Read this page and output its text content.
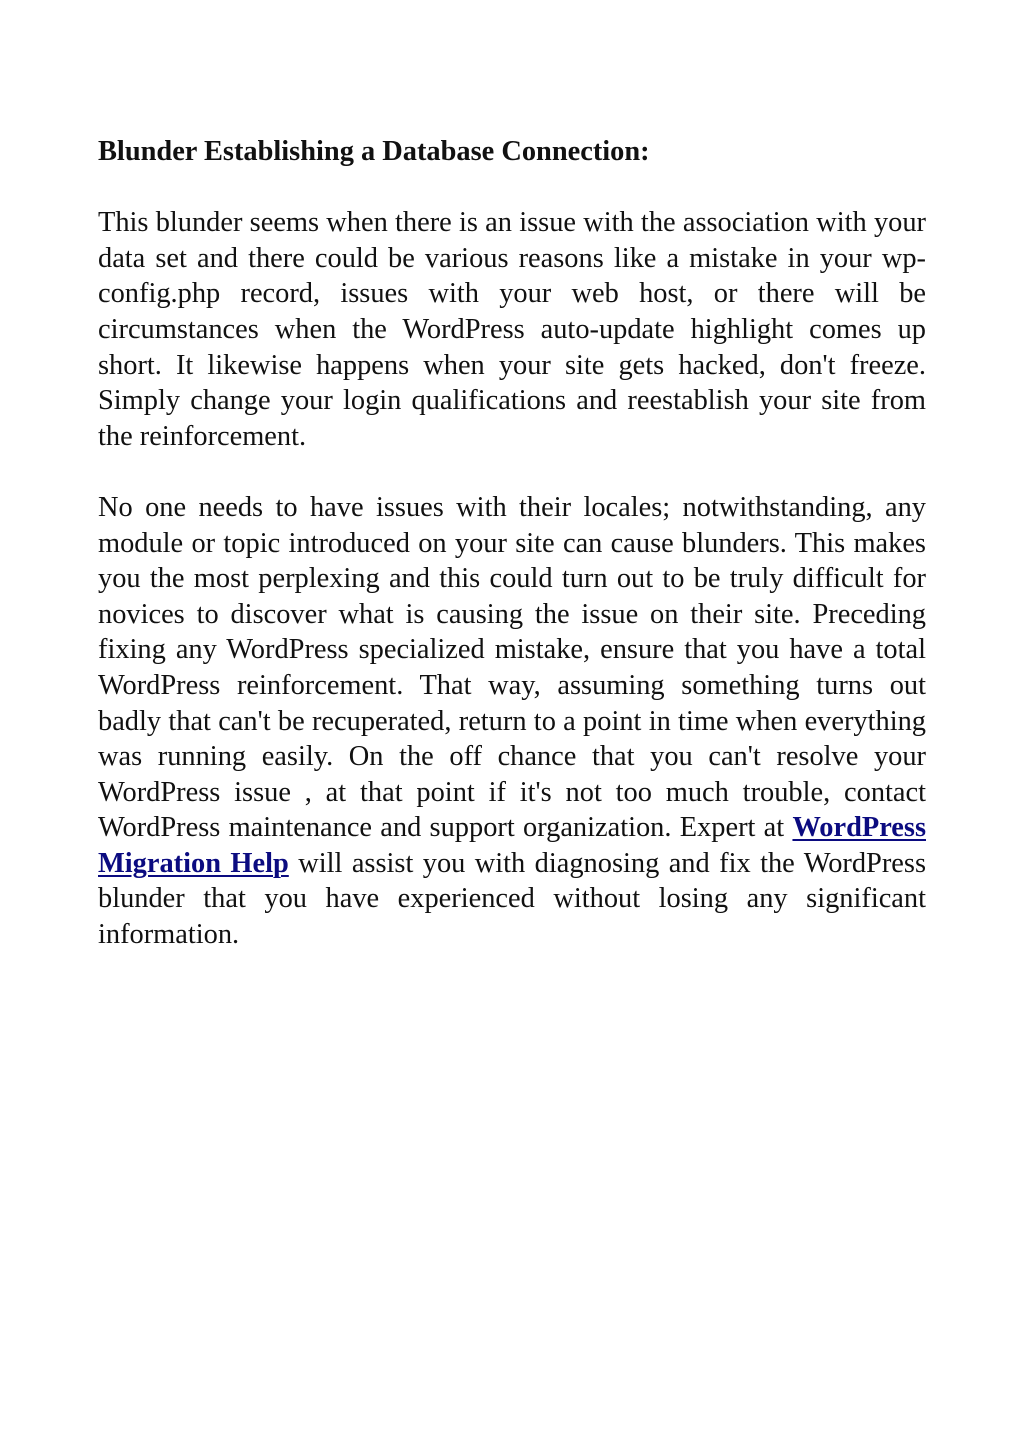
Blunder Establishing a Database Connection:

This blunder seems when there is an issue with the association with your data set and there could be various reasons like a mistake in your wp-config.php record, issues with your web host, or there will be circumstances when the WordPress auto-update highlight comes up short. It likewise happens when your site gets hacked, don't freeze. Simply change your login qualifications and reestablish your site from the reinforcement.

No one needs to have issues with their locales; notwithstanding, any module or topic introduced on your site can cause blunders. This makes you the most perplexing and this could turn out to be truly difficult for novices to discover what is causing the issue on their site. Preceding fixing any WordPress specialized mistake, ensure that you have a total WordPress reinforcement. That way, assuming something turns out badly that can't be recuperated, return to a point in time when everything was running easily. On the off chance that you can't resolve your WordPress issue , at that point if it's not too much trouble, contact WordPress maintenance and support organization. Expert at WordPress Migration Help will assist you with diagnosing and fix the WordPress blunder that you have experienced without losing any significant information.
